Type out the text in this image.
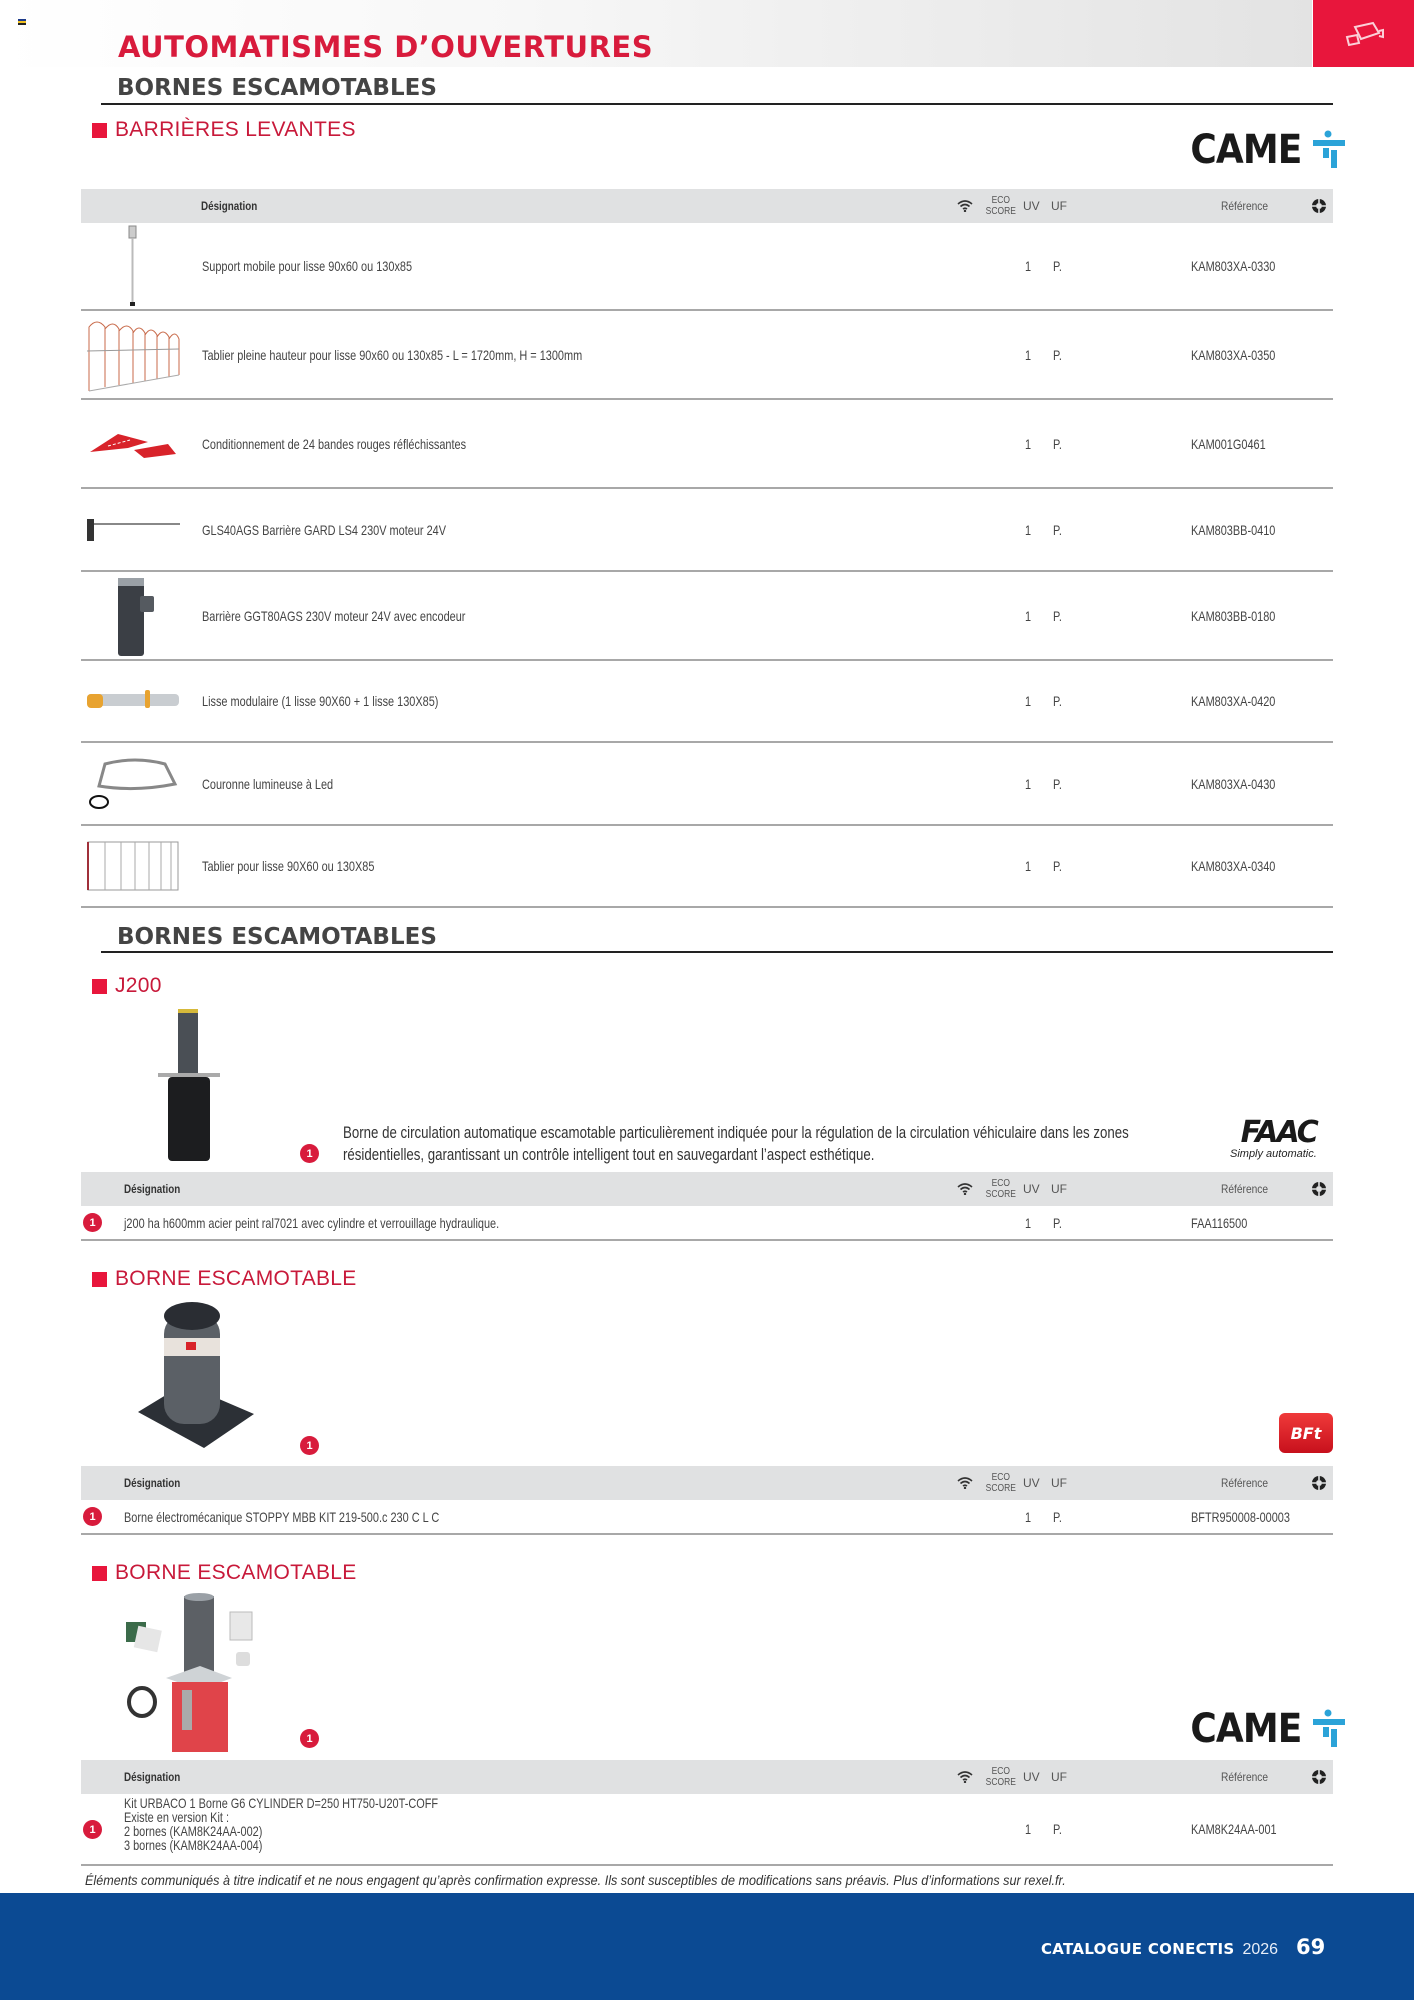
AUTOMATISMES D’OUVERTURES
BORNES ESCAMOTABLES
BARRIÈRES LEVANTES	CAME
Désignation	ECO
SCORE UV UF	Référence
Support mobile pour lisse 90x60 ou 130x85	1 P.	KAM803XA-0330
Tablier pleine hauteur pour lisse 90x60 ou 130x85 - L = 1720mm, H = 1300mm	1 P.	KAM803XA-0350
Conditionnement de 24 bandes rouges réfléchissantes	1 P.	KAM001G0461
GLS40AGS Barrière GARD LS4 230V moteur 24V	1 P.	KAM803BB-0410
Barrière GGT80AGS 230V moteur 24V avec encodeur	1 P.	KAM803BB-0180
Lisse modulaire (1 lisse 90X60 + 1 lisse 130X85)	1 P.	KAM803XA-0420
Couronne lumineuse à Led	1 P.	KAM803XA-0430
Tablier pour lisse 90X60 ou 130X85	1 P.	KAM803XA-0340
BORNES ESCAMOTABLES
J200
1
Borne de circulation automatique escamotable particulièrement indiquée pour la régulation de la circulation véhiculaire dans les zones résidentielles, garantissant un contrôle intelligent tout en sauvegardant l’aspect esthétique.
FAAC
Simply automatic.
Désignation	ECO
SCORE UV UF	Référence
1	j200 ha h600mm acier peint ral7021 avec cylindre et verrouillage hydraulique.	1 P.	FAA116500
BORNE ESCAMOTABLE
1
BFt
Désignation	ECO
SCORE UV UF	Référence
1	Borne électromécanique STOPPY MBB KIT 219-500.c 230 C L C	1 P.	BFTR950008-00003
BORNE ESCAMOTABLE
1	CAME
Désignation	ECO
SCORE UV UF	Référence
1
Kit URBACO 1 Borne G6 CYLINDER D=250 HT750-U20T-COFF
Existe en version Kit :
2 bornes (KAM8K24AA-002)
3 bornes (KAM8K24AA-004)
1 P.	KAM8K24AA-001
Éléments communiqués à titre indicatif et ne nous engagent qu’après confirmation expresse. Ils sont susceptibles de modifications sans préavis. Plus d’informations sur rexel.fr.
CATALOGUE CONECTIS 2026 69
